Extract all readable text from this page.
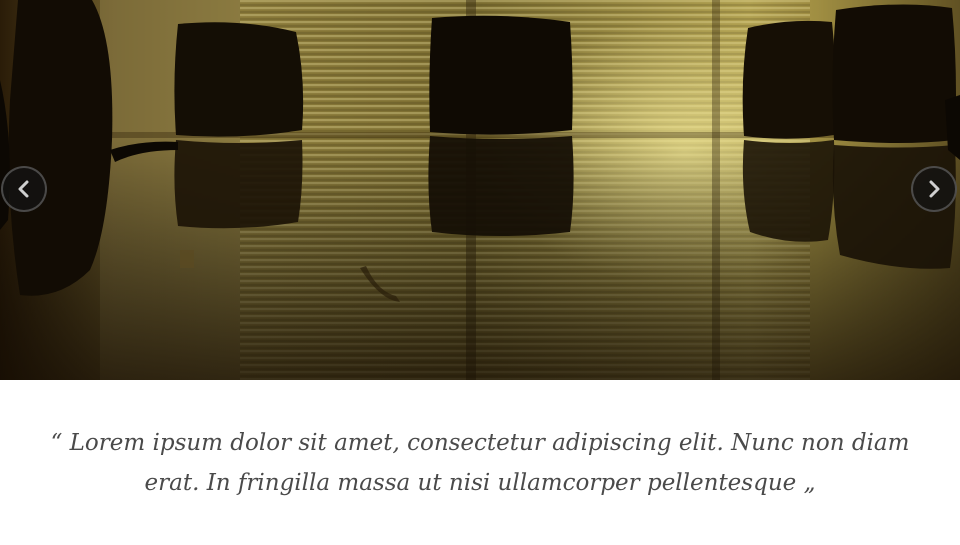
“ Lorem ipsum dolor sit amet, consectetur adipiscing elit. Nunc non diam erat. In fringilla massa ut nisi ullamcorper pellentesque „
